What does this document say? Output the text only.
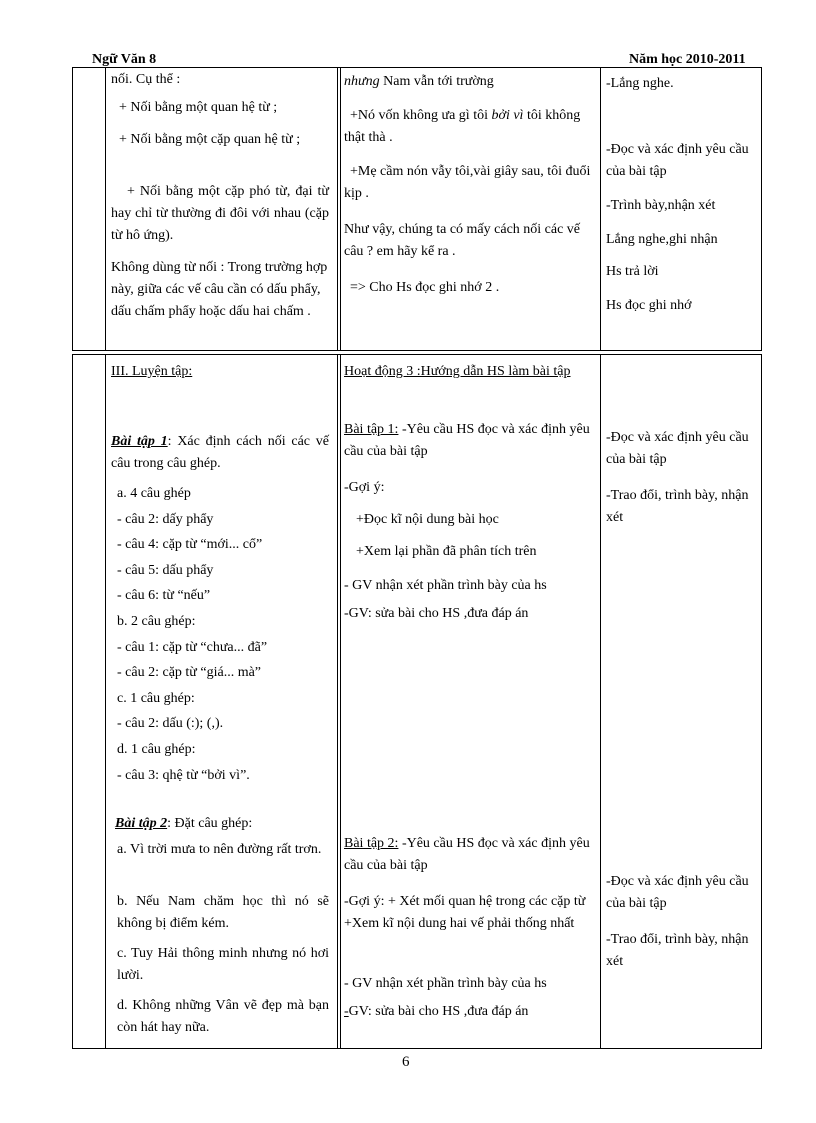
Ngữ Văn 8	Năm học 2010-2011

nối. Cụ thể :

+ Nối bằng một quan hệ từ ;

+ Nối bằng một cặp quan hệ từ ;

+ Nối bằng một cặp phó từ, đại từ hay chỉ từ thường đi đôi với nhau (cặp từ hô ứng).

Không dùng từ nối : Trong trường hợp này, giữa các vế câu cần có dấu phẩy, dấu chấm phẩy hoặc dấu hai chấm .

nhưng Nam vẫn tới trường

+Nó vốn không ưa gì tôi bởi vì tôi không thật thà .

+Mẹ cầm nón vẫy tôi,vài giây sau, tôi đuổi kịp .

Như vậy, chúng ta có mấy cách nối các vế câu ? em hãy kể ra .

=> Cho Hs đọc ghi nhớ 2 .

-Lắng nghe.

-Đọc và xác định yêu cầu của bài tập

-Trình bày,nhận xét

Lắng nghe,ghi nhận

Hs trả lời

Hs đọc ghi nhớ

III. Luyện tập:

Bài tập 1: Xác định cách nối các vế câu trong câu ghép.

a. 4 câu ghép
- câu 2: dấy phẩy
- câu 4: cặp từ “mới... cổ”
- câu 5: dấu phẩy
- câu 6: từ “nếu”
b. 2 câu ghép:
- câu 1: cặp từ “chưa... đã”
- câu 2: cặp từ “giá... mà”
c. 1 câu ghép:
- câu 2: dấu (:); (,).
d. 1 câu ghép:
- câu 3: qhệ từ “bởi vì”.

Bài tập 2: Đặt câu ghép:

a. Vì trời mưa to nên đường rất trơn.

b. Nếu Nam chăm học thì nó sẽ không bị điểm kém.

c. Tuy Hải thông minh nhưng nó hơi lười.

d. Không những Vân vẽ đẹp mà bạn còn hát hay nữa.

Hoạt động 3 :Hướng dẫn HS làm bài tập

Bài tập 1: -Yêu cầu HS đọc và xác định yêu cầu của bài tập

-Gợi ý:

+Đọc kĩ nội dung bài học

+Xem lại phần đã phân tích trên

- GV nhận xét phần trình bày của hs

-GV: sửa bài cho HS ,đưa đáp án

Bài tập 2: -Yêu cầu HS đọc và xác định yêu cầu của bài tập

-Gợi ý: + Xét mối quan hệ trong các cặp từ +Xem kĩ nội dung hai vế phải thống nhất

- GV nhận xét phần trình bày của hs

-GV: sửa bài cho HS ,đưa đáp án

-Đọc và xác định yêu cầu của bài tập

-Trao đổi, trình bày, nhận xét

-Đọc và xác định yêu cầu của bài tập

-Trao đổi, trình bày, nhận xét

6
